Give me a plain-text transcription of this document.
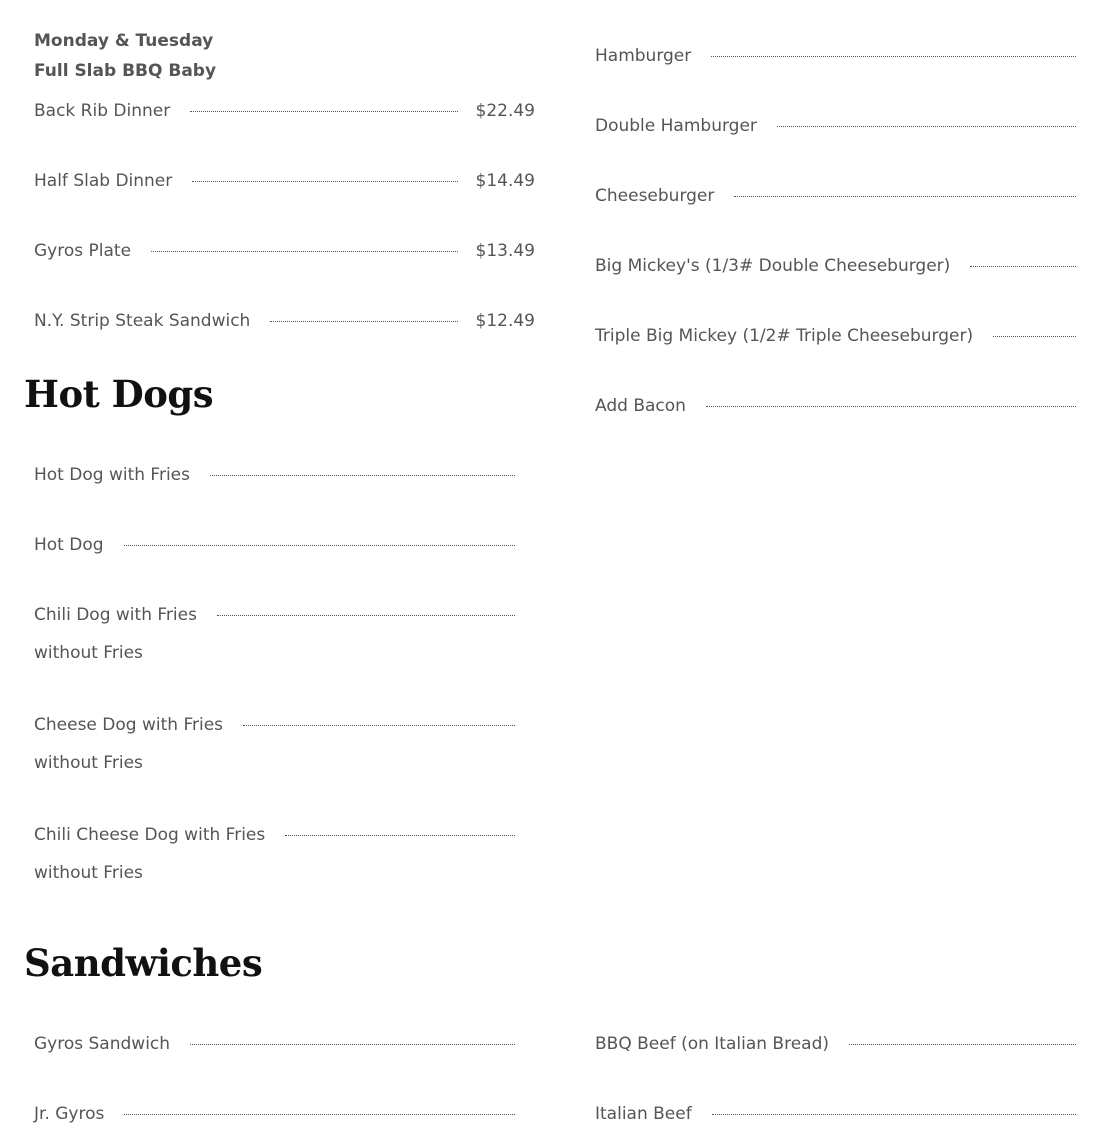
Monday & Tuesday
Full Slab BBQ Baby
Back Rib Dinner	$22.49
Half Slab Dinner	$14.49
Gyros Plate	$13.49
N.Y. Strip Steak Sandwich	$12.49
Hamburger
Double Hamburger
Cheeseburger
Big Mickey's (1/3# Double Cheeseburger)
Triple Big Mickey (1/2# Triple Cheeseburger)
Add Bacon
Hot Dogs
Hot Dog with Fries
Hot Dog
Chili Dog with Fries
without Fries
Cheese Dog with Fries
without Fries
Chili Cheese Dog with Fries
without Fries
Sandwiches
Gyros Sandwich
Jr. Gyros
BBQ Beef (on Italian Bread)
Italian Beef
